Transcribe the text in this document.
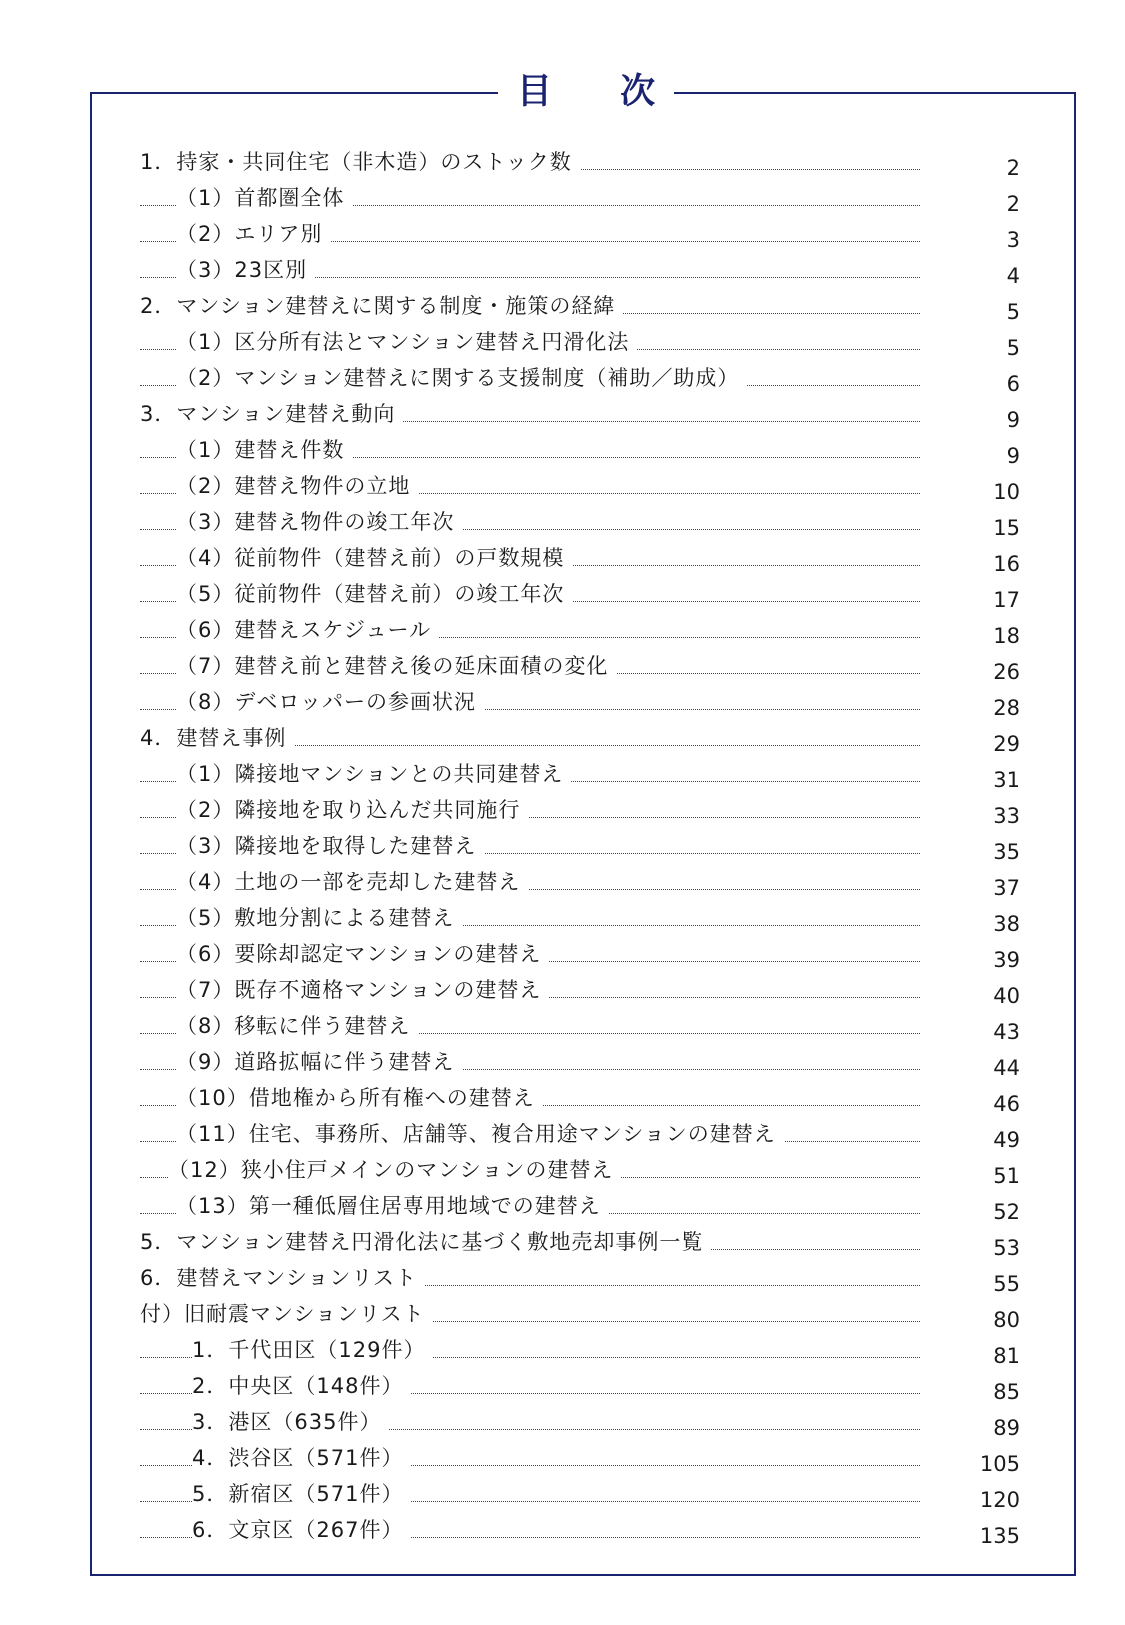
目 次
1．持家・共同住宅（非木造）のストック数	2
（1）首都圏全体	2
（2）エリア別	3
（3）23区別	4
2．マンション建替えに関する制度・施策の経緯	5
（1）区分所有法とマンション建替え円滑化法	5
（2）マンション建替えに関する支援制度（補助／助成）	6
3．マンション建替え動向	9
（1）建替え件数	9
（2）建替え物件の立地	10
（3）建替え物件の竣工年次	15
（4）従前物件（建替え前）の戸数規模	16
（5）従前物件（建替え前）の竣工年次	17
（6）建替えスケジュール	18
（7）建替え前と建替え後の延床面積の変化	26
（8）デベロッパーの参画状況	28
4．建替え事例	29
（1）隣接地マンションとの共同建替え	31
（2）隣接地を取り込んだ共同施行	33
（3）隣接地を取得した建替え	35
（4）土地の一部を売却した建替え	37
（5）敷地分割による建替え	38
（6）要除却認定マンションの建替え	39
（7）既存不適格マンションの建替え	40
（8）移転に伴う建替え	43
（9）道路拡幅に伴う建替え	44
（10）借地権から所有権への建替え	46
（11）住宅、事務所、店舗等、複合用途マンションの建替え	49
（12）狭小住戸メインのマンションの建替え	51
（13）第一種低層住居専用地域での建替え	52
5．マンション建替え円滑化法に基づく敷地売却事例一覧	53
6．建替えマンションリスト	55
付）旧耐震マンションリスト	80
1．千代田区（129件）	81
2．中央区（148件）	85
3．港区（635件）	89
4．渋谷区（571件）	105
5．新宿区（571件）	120
6．文京区（267件）	135
